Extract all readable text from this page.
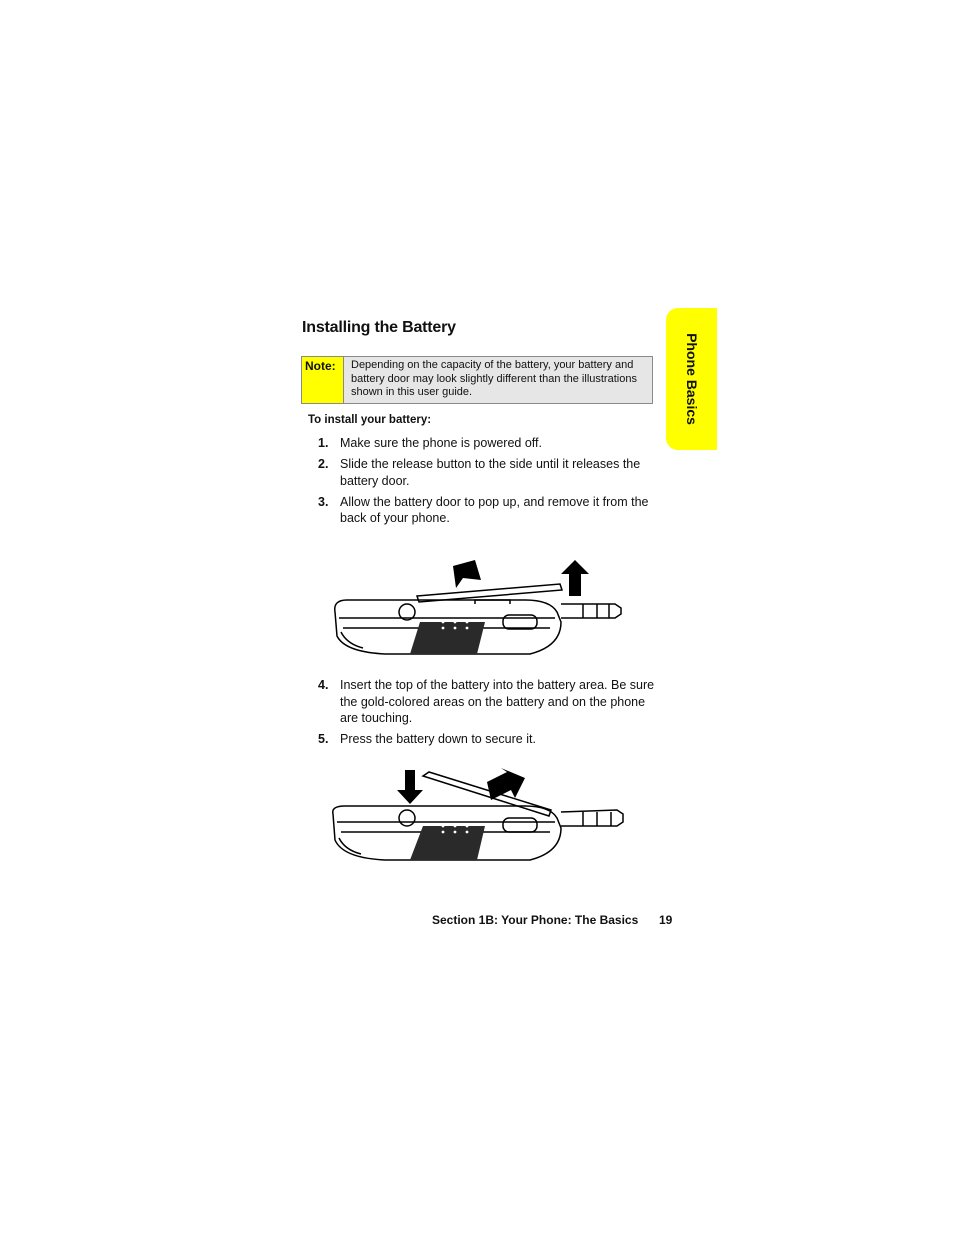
Phone Basics
Installing the Battery
Note:	Depending on the capacity of the battery, your battery and battery door may look slightly different than the illustrations shown in this user guide.
To install your battery:
1. Make sure the phone is powered off.
2. Slide the release button to the side until it releases the battery door.
3. Allow the battery door to pop up, and remove it from the back of your phone.
4. Insert the top of the battery into the battery area. Be sure the gold-colored areas on the battery and on the phone are touching.
5. Press the battery down to secure it.
Section 1B: Your Phone: The Basics 19
